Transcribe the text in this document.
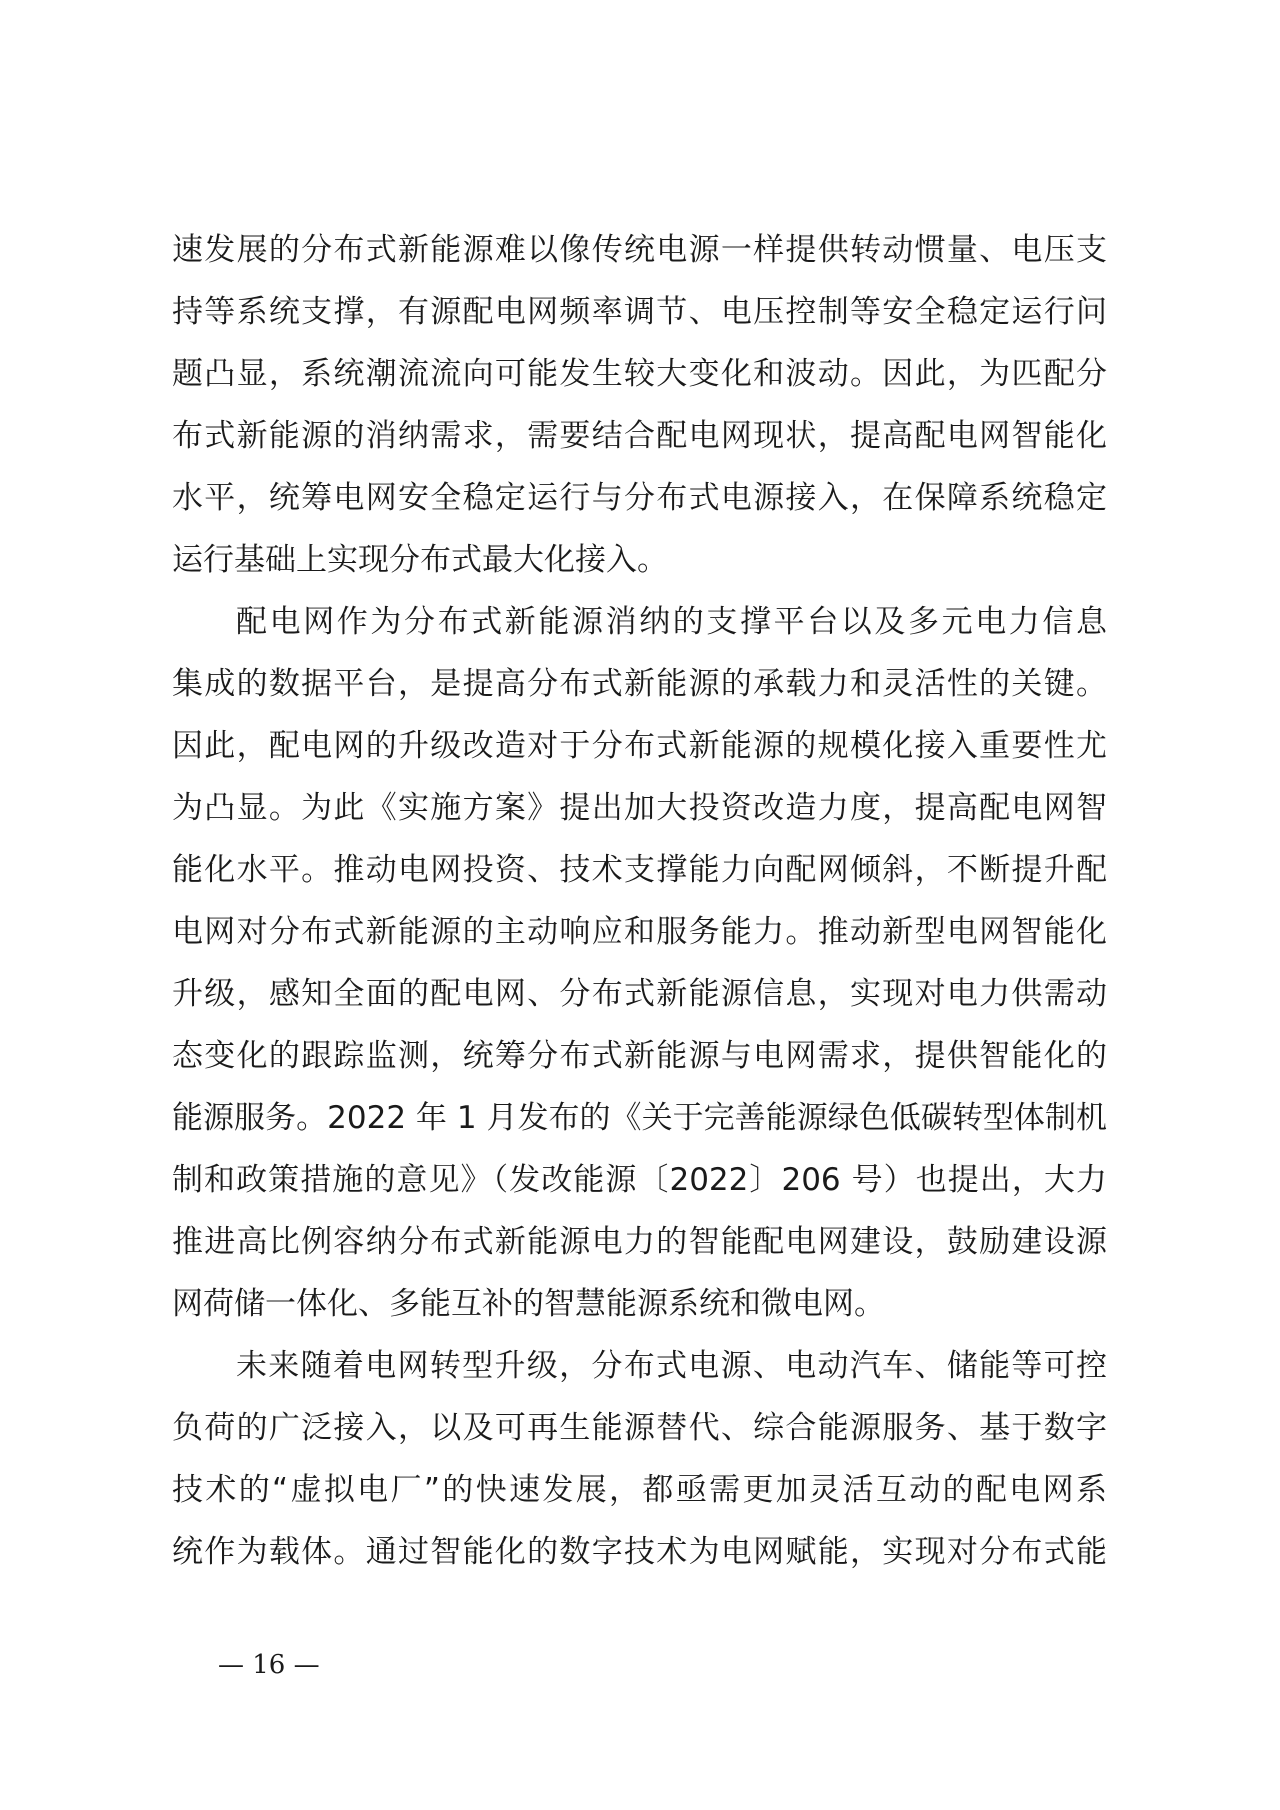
速发展的分布式新能源难以像传统电源一样提供转动惯量、电压支
持等系统支撑，有源配电网频率调节、电压控制等安全稳定运行问
题凸显，系统潮流流向可能发生较大变化和波动。因此，为匹配分
布式新能源的消纳需求，需要结合配电网现状，提高配电网智能化
水平，统筹电网安全稳定运行与分布式电源接入，在保障系统稳定
运行基础上实现分布式最大化接入。
配电网作为分布式新能源消纳的支撑平台以及多元电力信息
集成的数据平台，是提高分布式新能源的承载力和灵活性的关键。
因此，配电网的升级改造对于分布式新能源的规模化接入重要性尤
为凸显。为此《实施方案》提出加大投资改造力度，提高配电网智
能化水平。推动电网投资、技术支撑能力向配网倾斜，不断提升配
电网对分布式新能源的主动响应和服务能力。推动新型电网智能化
升级，感知全面的配电网、分布式新能源信息，实现对电力供需动
态变化的跟踪监测，统筹分布式新能源与电网需求，提供智能化的
能源服务。2022 年 1 月发布的《关于完善能源绿色低碳转型体制机
制和政策措施的意见》（发改能源〔2022〕206 号）也提出，大力
推进高比例容纳分布式新能源电力的智能配电网建设，鼓励建设源
网荷储一体化、多能互补的智慧能源系统和微电网。
未来随着电网转型升级，分布式电源、电动汽车、储能等可控
负荷的广泛接入，以及可再生能源替代、综合能源服务、基于数字
技术的“虚拟电厂”的快速发展，都亟需更加灵活互动的配电网系
统作为载体。通过智能化的数字技术为电网赋能，实现对分布式能
— 16 —
